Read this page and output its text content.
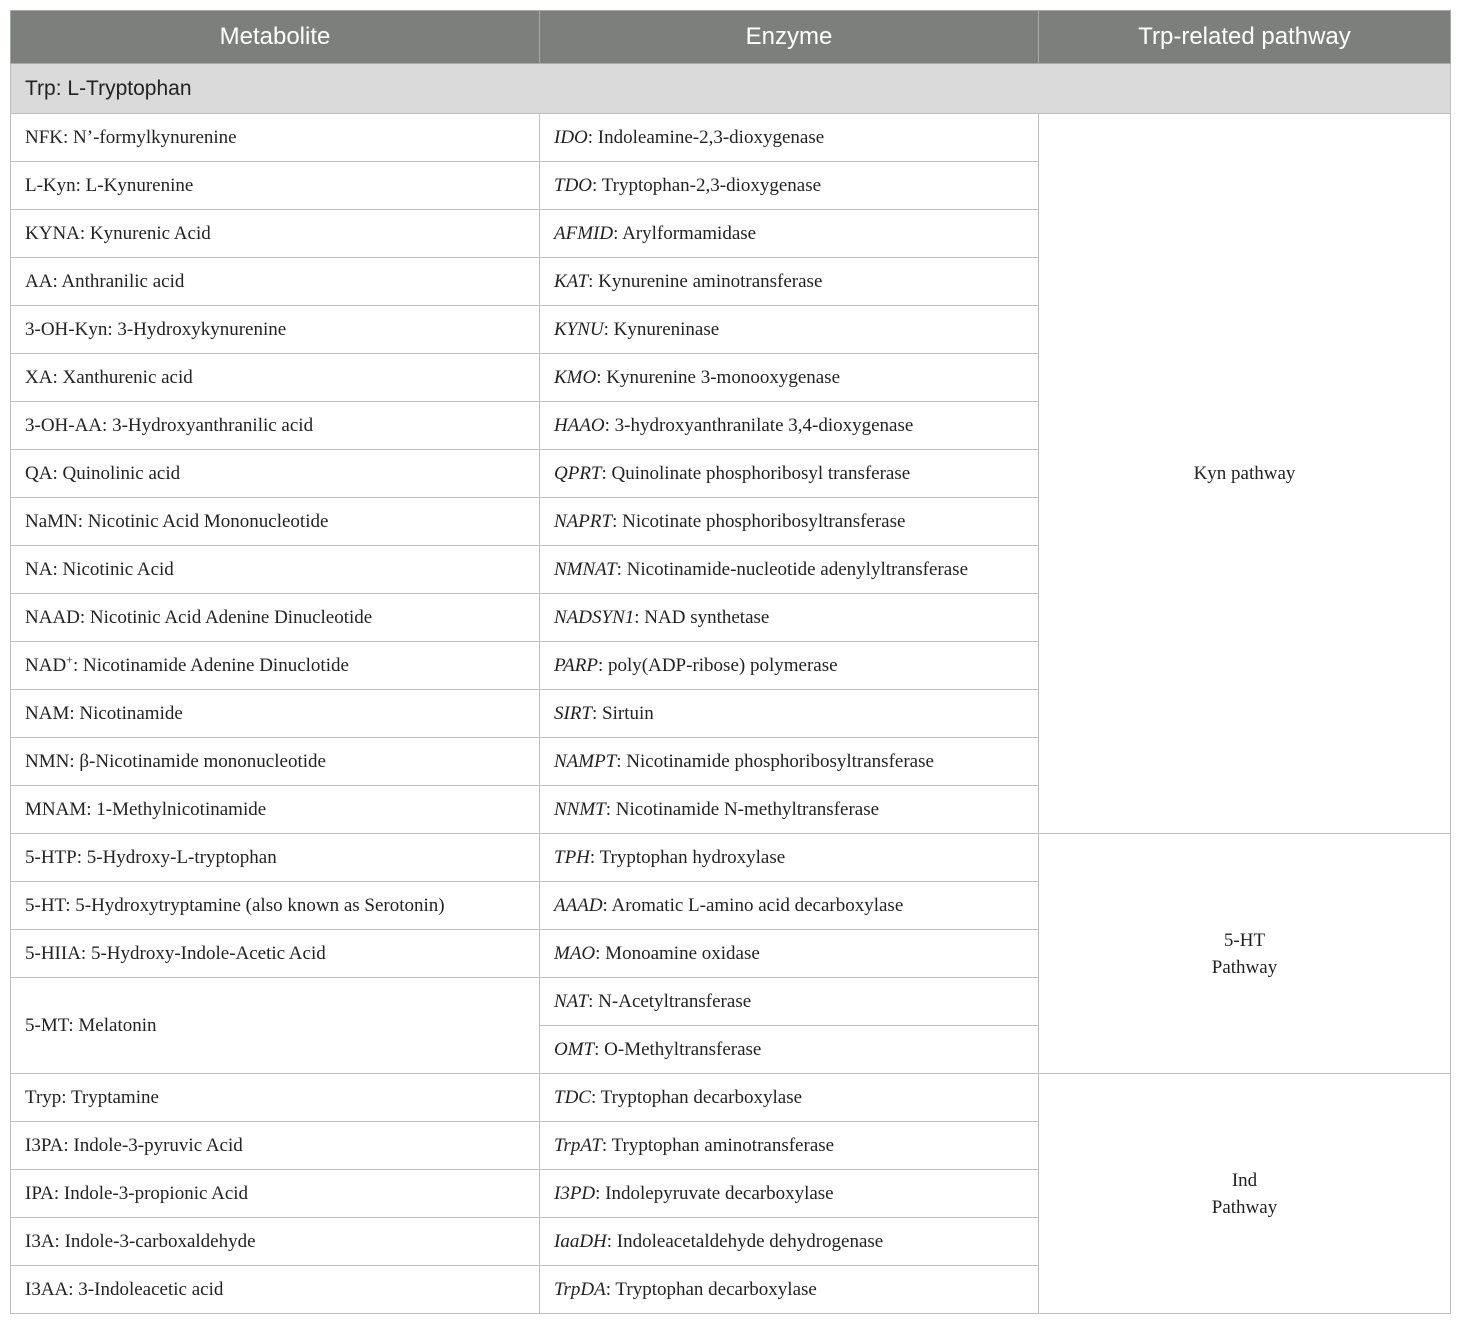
Metabolite	Enzyme	Trp-related pathway
Trp: L-Tryptophan		
NFK: N’-formylkynurenine	IDO: Indoleamine-2,3-dioxygenase	Kyn pathway
L-Kyn: L-Kynurenine	TDO: Tryptophan-2,3-dioxygenase	
KYNA: Kynurenic Acid	AFMID: Arylformamidase	
AA: Anthranilic acid	KAT: Kynurenine aminotransferase	
3-OH-Kyn: 3-Hydroxykynurenine	KYNU: Kynureninase	
XA: Xanthurenic acid	KMO: Kynurenine 3-monooxygenase	
3-OH-AA: 3-Hydroxyanthranilic acid	HAAO: 3-hydroxyanthranilate 3,4-dioxygenase	
QA: Quinolinic acid	QPRT: Quinolinate phosphoribosyl transferase	
NaMN: Nicotinic Acid Mononucleotide	NAPRT: Nicotinate phosphoribosyltransferase	
NA: Nicotinic Acid	NMNAT: Nicotinamide-nucleotide adenylyltransferase	
NAAD: Nicotinic Acid Adenine Dinucleotide	NADSYN1: NAD synthetase	
NAD+: Nicotinamide Adenine Dinuclotide	PARP: poly(ADP-ribose) polymerase	
NAM: Nicotinamide	SIRT: Sirtuin	
NMN: β-Nicotinamide mononucleotide	NAMPT: Nicotinamide phosphoribosyltransferase	
MNAM: 1-Methylnicotinamide	NNMT: Nicotinamide N-methyltransferase	
5-HTP: 5-Hydroxy-L-tryptophan	TPH: Tryptophan hydroxylase	5-HT
Pathway
5-HT: 5-Hydroxytryptamine (also known as Serotonin)	AAAD: Aromatic L-amino acid decarboxylase	
5-HIIA: 5-Hydroxy-Indole-Acetic Acid	MAO: Monoamine oxidase	
5-MT: Melatonin	NAT: N-Acetyltransferase	
	OMT: O-Methyltransferase	
Tryp: Tryptamine	TDC: Tryptophan decarboxylase	Ind
Pathway
I3PA: Indole-3-pyruvic Acid	TrpAT: Tryptophan aminotransferase	
IPA: Indole-3-propionic Acid	I3PD: Indolepyruvate decarboxylase	
I3A: Indole-3-carboxaldehyde	IaaDH: Indoleacetaldehyde dehydrogenase	
I3AA: 3-Indoleacetic acid	TrpDA: Tryptophan decarboxylase	
